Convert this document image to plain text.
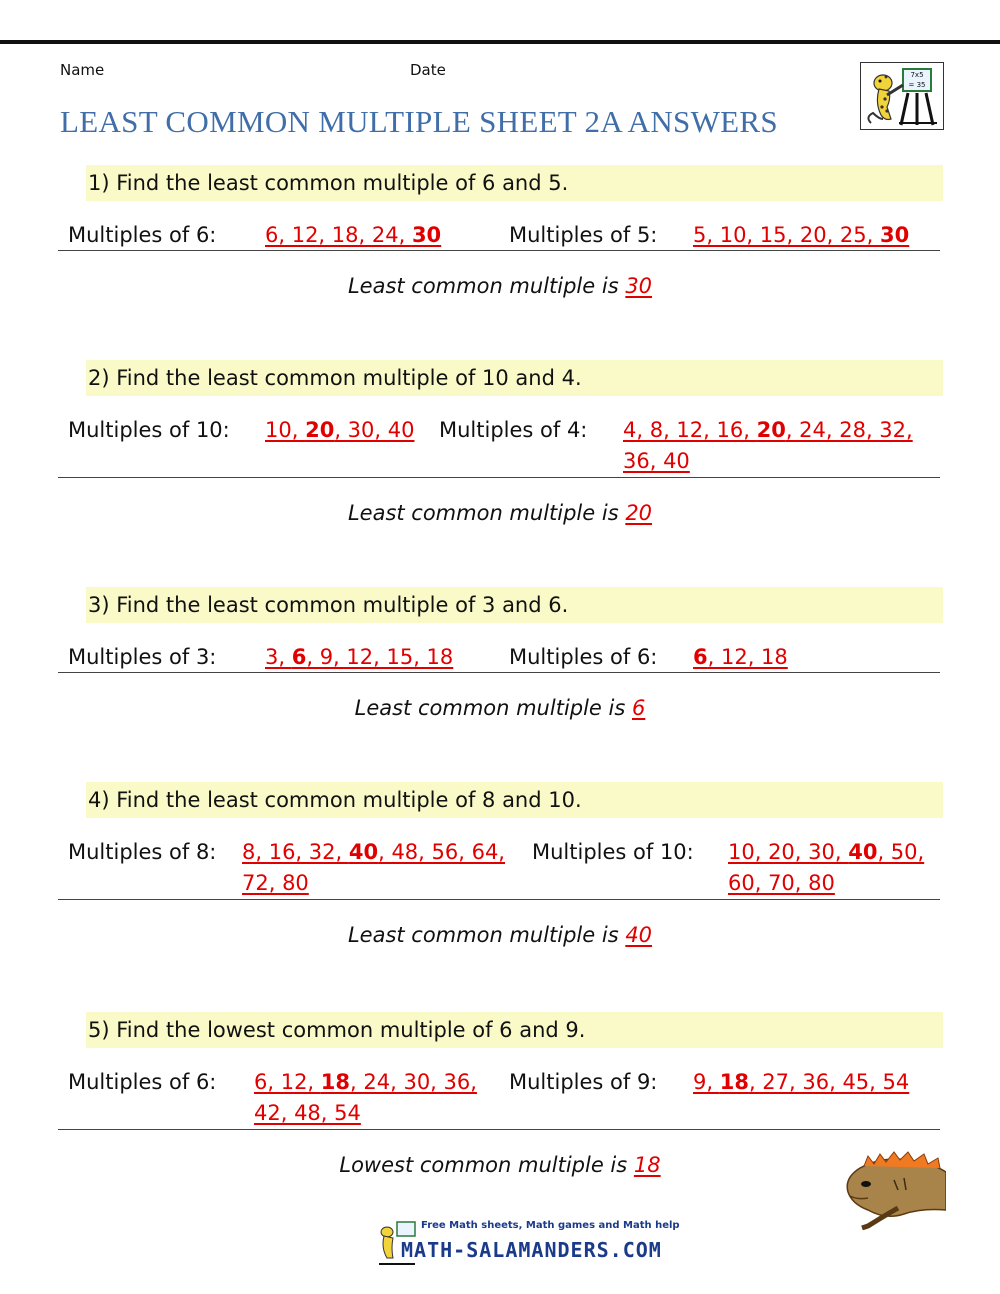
Name	Date
LEAST COMMON MULTIPLE SHEET 2A ANSWERS
7x5
= 35
1) Find the least common multiple of 6 and 5.
Multiples of 6: 6, 12, 18, 24, 30	Multiples of 5: 5, 10, 15, 20, 25, 30
Least common multiple is 30
2) Find the least common multiple of 10 and 4.
Multiples of 10: 10, 20, 30, 40 Multiples of 4: 4, 8, 12, 16, 20, 24, 28, 32,
36, 40
Least common multiple is 20
3) Find the least common multiple of 3 and 6.
Multiples of 3: 3, 6, 9, 12, 15, 18	Multiples of 6: 6, 12, 18
Least common multiple is 6
4) Find the least common multiple of 8 and 10.
Multiples of 8: 8, 16, 32, 40, 48, 56, 64,
72, 80
Multiples of 10: 10, 20, 30, 40, 50,
60, 70, 80
Least common multiple is 40
5) Find the lowest common multiple of 6 and 9.
Multiples of 6: 6, 12, 18, 24, 30, 36,
42, 48, 54
Multiples of 9: 9, 18, 27, 36, 45, 54
Lowest common multiple is 18
Free Math sheets, Math games and Math help
MATH-SALAMANDERS.COM
